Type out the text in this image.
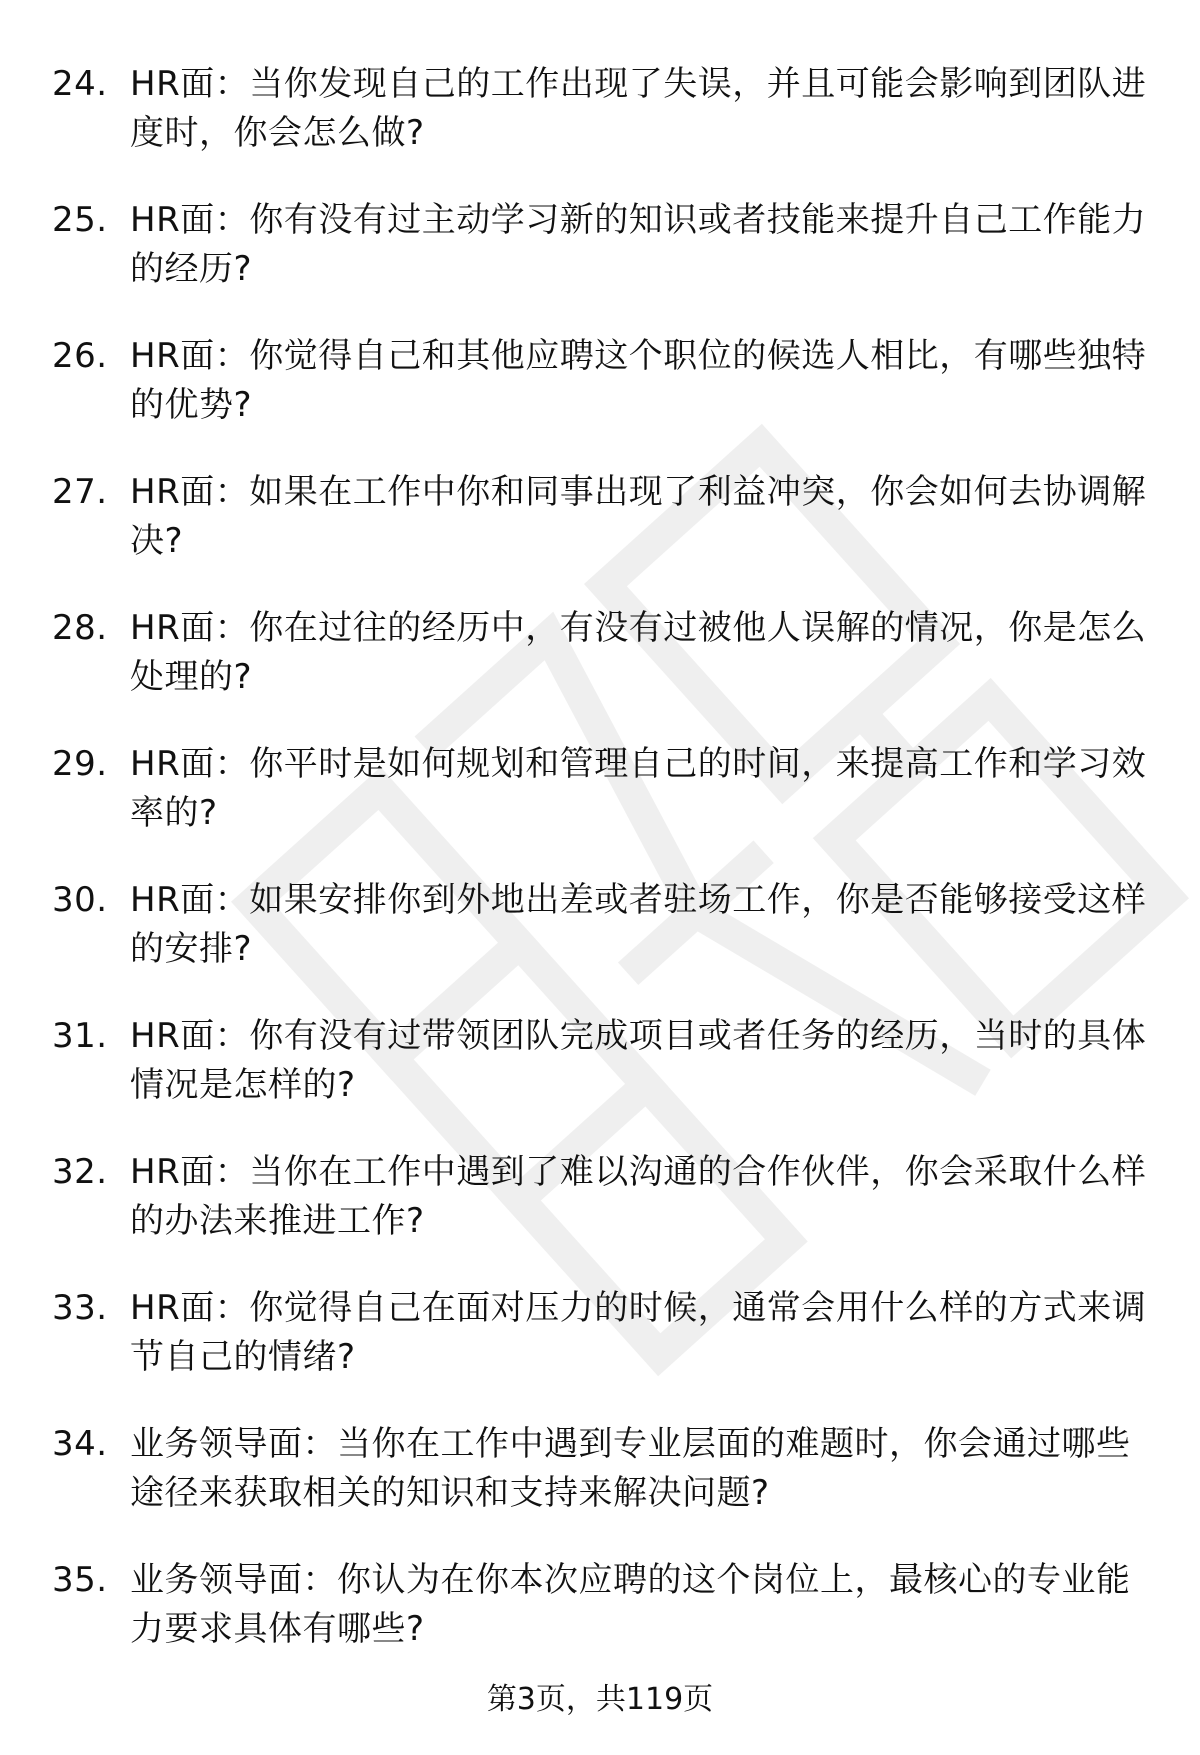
24. HR面：当你发现自己的工作出现了失误，并且可能会影响到团队进度时，你会怎么做?
25. HR面：你有没有过主动学习新的知识或者技能来提升自己工作能力的经历?
26. HR面：你觉得自己和其他应聘这个职位的候选人相比，有哪些独特的优势?
27. HR面：如果在工作中你和同事出现了利益冲突，你会如何去协调解决?
28. HR面：你在过往的经历中，有没有过被他人误解的情况，你是怎么处理的?
29. HR面：你平时是如何规划和管理自己的时间，来提高工作和学习效率的?
30. HR面：如果安排你到外地出差或者驻场工作，你是否能够接受这样的安排?
31. HR面：你有没有过带领团队完成项目或者任务的经历，当时的具体情况是怎样的?
32. HR面：当你在工作中遇到了难以沟通的合作伙伴，你会采取什么样的办法来推进工作?
33. HR面：你觉得自己在面对压力的时候，通常会用什么样的方式来调节自己的情绪?
34. 业务领导面：当你在工作中遇到专业层面的难题时，你会通过哪些途径来获取相关的知识和支持来解决问题?
35. 业务领导面：你认为在你本次应聘的这个岗位上，最核心的专业能力要求具体有哪些?
第3页，共119页
